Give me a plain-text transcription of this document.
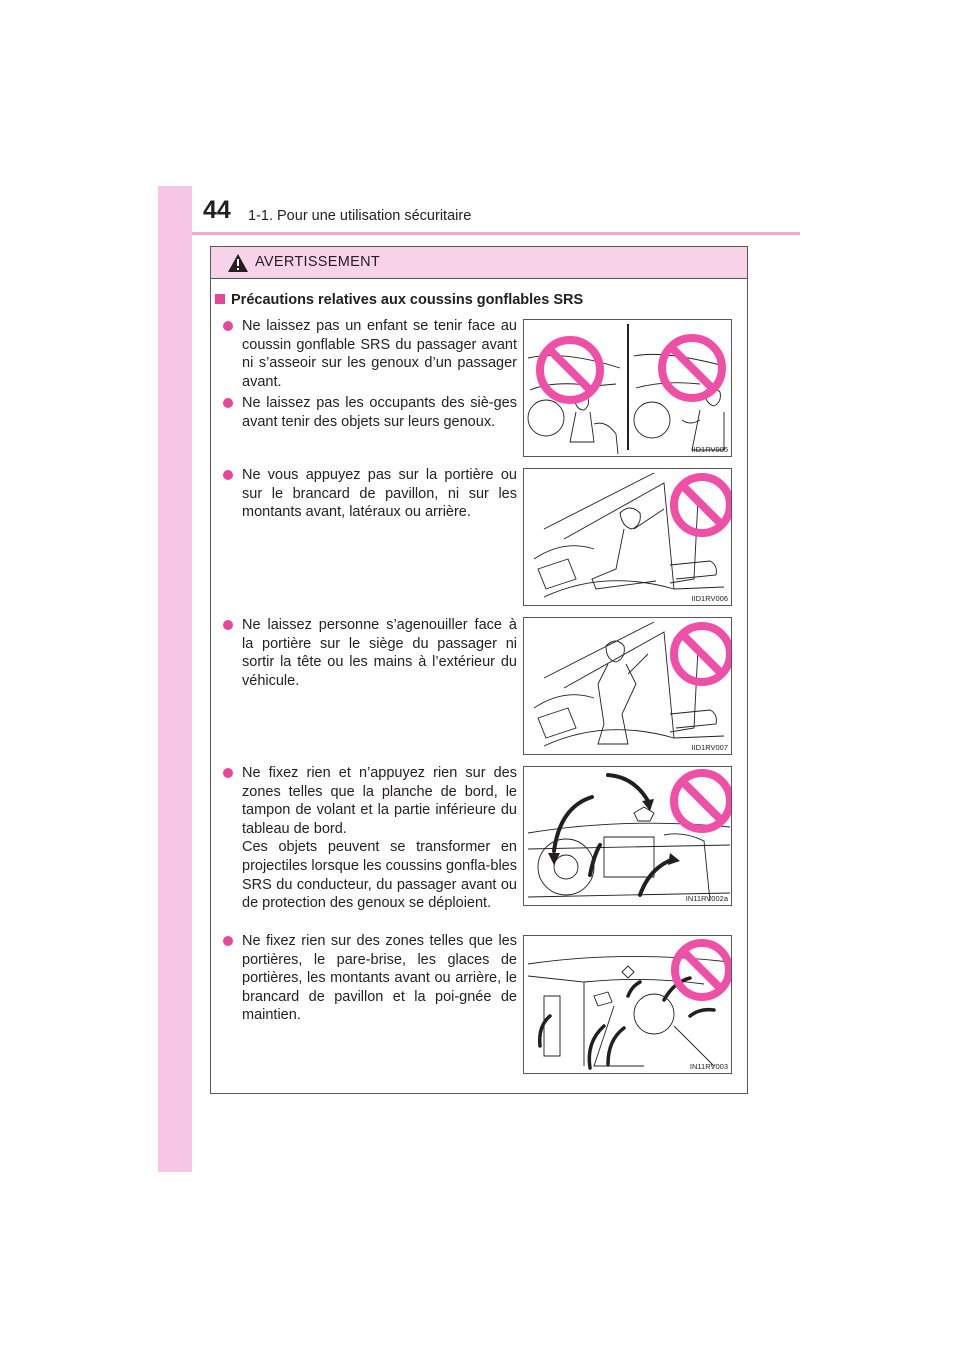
44 1-1. Pour une utilisation sécuritaire
AVERTISSEMENT
Précautions relatives aux coussins gonflables SRS
Ne laissez pas un enfant se tenir face au coussin gonflable SRS du passager avant ni s’asseoir sur les genoux d’un passager avant.
Ne laissez pas les occupants des siè-ges avant tenir des objets sur leurs genoux.
Ne vous appuyez pas sur la portière ou sur le brancard de pavillon, ni sur les montants avant, latéraux ou arrière.
Ne laissez personne s’agenouiller face à la portière sur le siège du passager ni sortir la tête ou les mains à l’extérieur du véhicule.
Ne fixez rien et n’appuyez rien sur des zones telles que la planche de bord, le tampon de volant et la partie inférieure du tableau de bord.
Ces objets peuvent se transformer en projectiles lorsque les coussins gonfla-bles SRS du conducteur, du passager avant ou de protection des genoux se déploient.
Ne fixez rien sur des zones telles que les portières, le pare-brise, les glaces de portières, les montants avant ou arrière, le brancard de pavillon et la poi-gnée de maintien.
IID1RV005
IID1RV006
IID1RV007
IN11RV002a
IN11RV003
